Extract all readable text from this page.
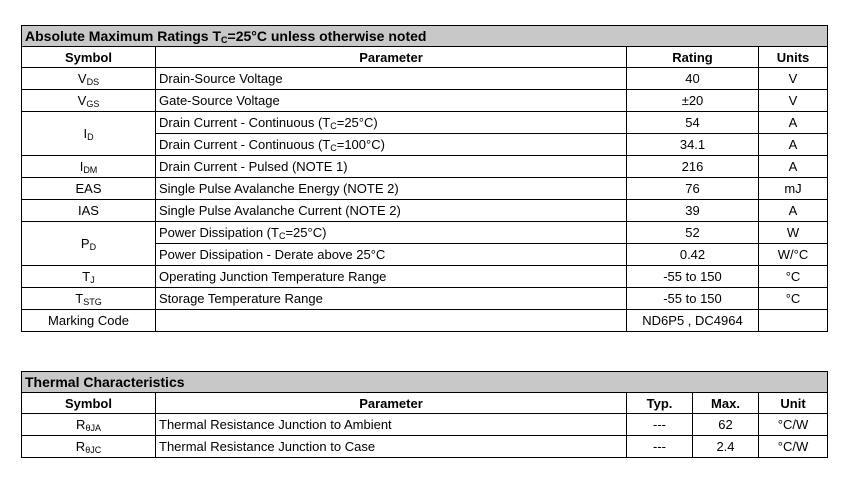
Absolute Maximum Ratings $T_C=25^\circ C$ unless otherwise noted			
Symbol	Parameter	Rating	Units
$V_{DS}$	Drain-Source Voltage	40	V
$V_{GS}$	Gate-Source Voltage	±20	V
$I_D$	Drain Current - Continuous $(T_C=25^\circ C)$	54	A
	Drain Current - Continuous $(T_C=100^\circ C)$	34.1	A
$I_{DM}$	Drain Current - Pulsed (NOTE 1)	216	A
EAS	Single Pulse Avalanche Energy (NOTE 2)	76	mJ
IAS	Single Pulse Avalanche Current (NOTE 2)	39	A
$P_D$	Power Dissipation $(T_C=25^\circ C)$	52	W
	Power Dissipation - Derate above 25°C	0.42	W/°C
$T_J$	Operating Junction Temperature Range	-55 to 150	°C
$T_{STG}$	Storage Temperature Range	-55 to 150	°C
Marking Code		ND6P5 , DC4964	
Thermal Characteristics				
Symbol	Parameter	Typ.	Max.	Unit
$R_{\theta JA}$	Thermal Resistance Junction to Ambient	---	62	°C/W
$R_{\theta JC}$	Thermal Resistance Junction to Case	---	2.4	°C/W
